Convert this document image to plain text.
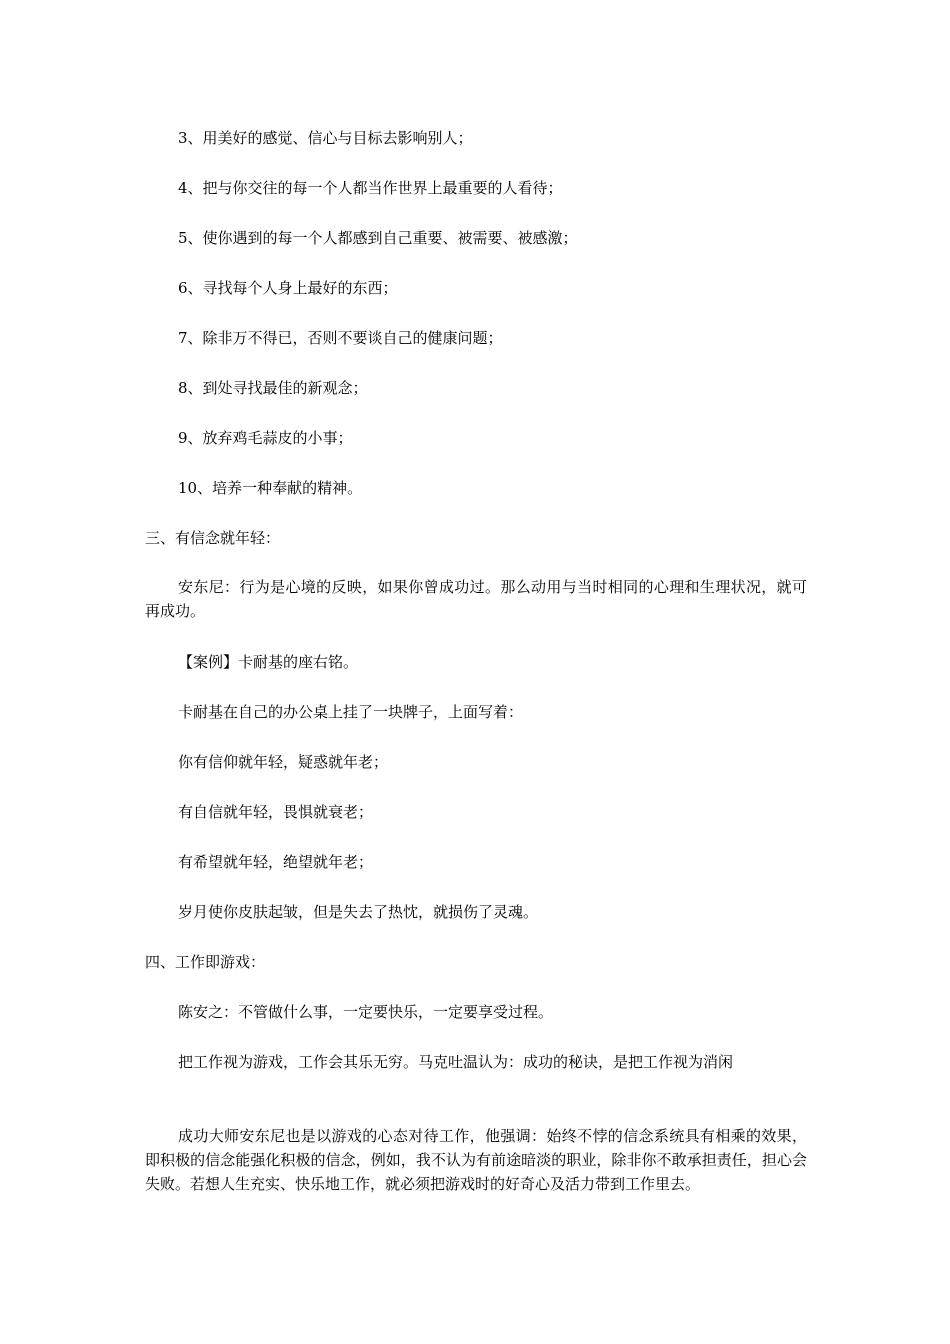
3、用美好的感觉、信心与目标去影响别人；
4、把与你交往的每一个人都当作世界上最重要的人看待；
5、使你遇到的每一个人都感到自己重要、被需要、被感激；
6、寻找每个人身上最好的东西；
7、除非万不得已，否则不要谈自己的健康问题；
8、到处寻找最佳的新观念；
9、放弃鸡毛蒜皮的小事；
10、培养一种奉献的精神。
三、有信念就年轻：
安东尼：行为是心境的反映，如果你曾成功过。那么动用与当时相同的心理和生理状况，就可再成功。
【案例】卡耐基的座右铭。
卡耐基在自己的办公桌上挂了一块牌子，上面写着：
你有信仰就年轻，疑惑就年老；
有自信就年轻，畏惧就衰老；
有希望就年轻，绝望就年老；
岁月使你皮肤起皱，但是失去了热忱，就损伤了灵魂。
四、工作即游戏：
陈安之：不管做什么事，一定要快乐，一定要享受过程。
把工作视为游戏，工作会其乐无穷。马克吐温认为：成功的秘诀，是把工作视为消闲
成功大师安东尼也是以游戏的心态对待工作，他强调：始终不悖的信念系统具有相乘的效果，即积极的信念能强化积极的信念，例如，我不认为有前途暗淡的职业，除非你不敢承担责任，担心会失败。若想人生充实、快乐地工作，就必须把游戏时的好奇心及活力带到工作里去。
